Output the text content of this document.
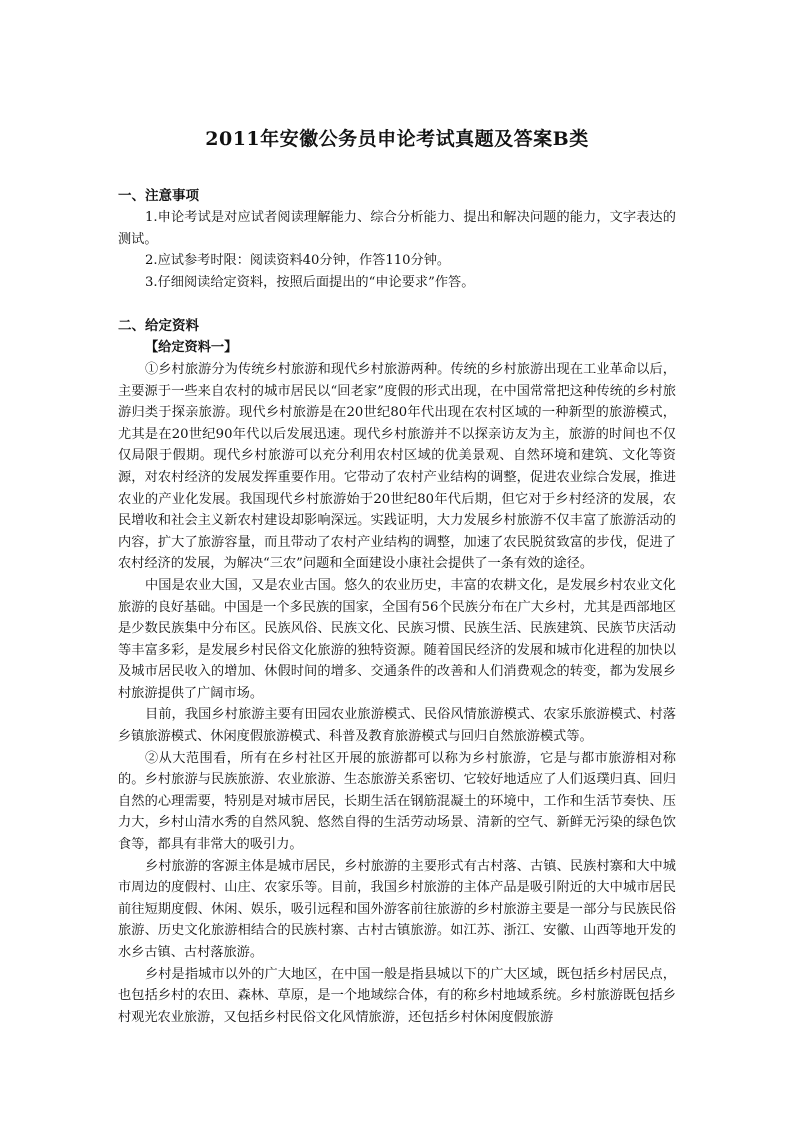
2011年安徽公务员申论考试真题及答案B类
一、注意事项

1.申论考试是对应试者阅读理解能力、综合分析能力、提出和解决问题的能力，文字表达的测试。

2.应试参考时限：阅读资料40分钟，作答110分钟。

3.仔细阅读给定资料，按照后面提出的“申论要求”作答。

二、给定资料

【给定资料一】

①乡村旅游分为传统乡村旅游和现代乡村旅游两种。传统的乡村旅游出现在工业革命以后，主要源于一些来自农村的城市居民以“回老家”度假的形式出现，在中国常常把这种传统的乡村旅游归类于探亲旅游。现代乡村旅游是在20世纪80年代出现在农村区域的一种新型的旅游模式，尤其是在20世纪90年代以后发展迅速。现代乡村旅游并不以探亲访友为主，旅游的时间也不仅仅局限于假期。现代乡村旅游可以充分利用农村区域的优美景观、自然环境和建筑、文化等资源，对农村经济的发展发挥重要作用。它带动了农村产业结构的调整，促进农业综合发展，推进农业的产业化发展。我国现代乡村旅游始于20世纪80年代后期，但它对于乡村经济的发展，农民增收和社会主义新农村建设却影响深远。实践证明，大力发展乡村旅游不仅丰富了旅游活动的内容，扩大了旅游容量，而且带动了农村产业结构的调整，加速了农民脱贫致富的步伐，促进了农村经济的发展，为解决“三农”问题和全面建设小康社会提供了一条有效的途径。

中国是农业大国，又是农业古国。悠久的农业历史，丰富的农耕文化，是发展乡村农业文化旅游的良好基础。中国是一个多民族的国家，全国有56个民族分布在广大乡村，尤其是西部地区是少数民族集中分布区。民族风俗、民族文化、民族习惯、民族生活、民族建筑、民族节庆活动等丰富多彩，是发展乡村民俗文化旅游的独特资源。随着国民经济的发展和城市化进程的加快以及城市居民收入的增加、休假时间的增多、交通条件的改善和人们消费观念的转变，都为发展乡村旅游提供了广阔市场。

目前，我国乡村旅游主要有田园农业旅游模式、民俗风情旅游模式、农家乐旅游模式、村落乡镇旅游模式、休闲度假旅游模式、科普及教育旅游模式与回归自然旅游模式等。

②从大范围看，所有在乡村社区开展的旅游都可以称为乡村旅游，它是与都市旅游相对称的。乡村旅游与民族旅游、农业旅游、生态旅游关系密切、它较好地适应了人们返璞归真、回归自然的心理需要，特别是对城市居民，长期生活在钢筋混凝土的环境中，工作和生活节奏快、压力大，乡村山清水秀的自然风貌、悠然自得的生活劳动场景、清新的空气、新鲜无污染的绿色饮食等，都具有非常大的吸引力。

乡村旅游的客源主体是城市居民，乡村旅游的主要形式有古村落、古镇、民族村寨和大中城市周边的度假村、山庄、农家乐等。目前，我国乡村旅游的主体产品是吸引附近的大中城市居民前往短期度假、休闲、娱乐，吸引远程和国外游客前往旅游的乡村旅游主要是一部分与民族民俗旅游、历史文化旅游相结合的民族村寨、古村古镇旅游。如江苏、浙江、安徽、山西等地开发的水乡古镇、古村落旅游。

乡村是指城市以外的广大地区，在中国一般是指县城以下的广大区域，既包括乡村居民点，也包括乡村的农田、森林、草原，是一个地域综合体，有的称乡村地域系统。乡村旅游既包括乡村观光农业旅游，又包括乡村民俗文化风情旅游，还包括乡村休闲度假旅游
